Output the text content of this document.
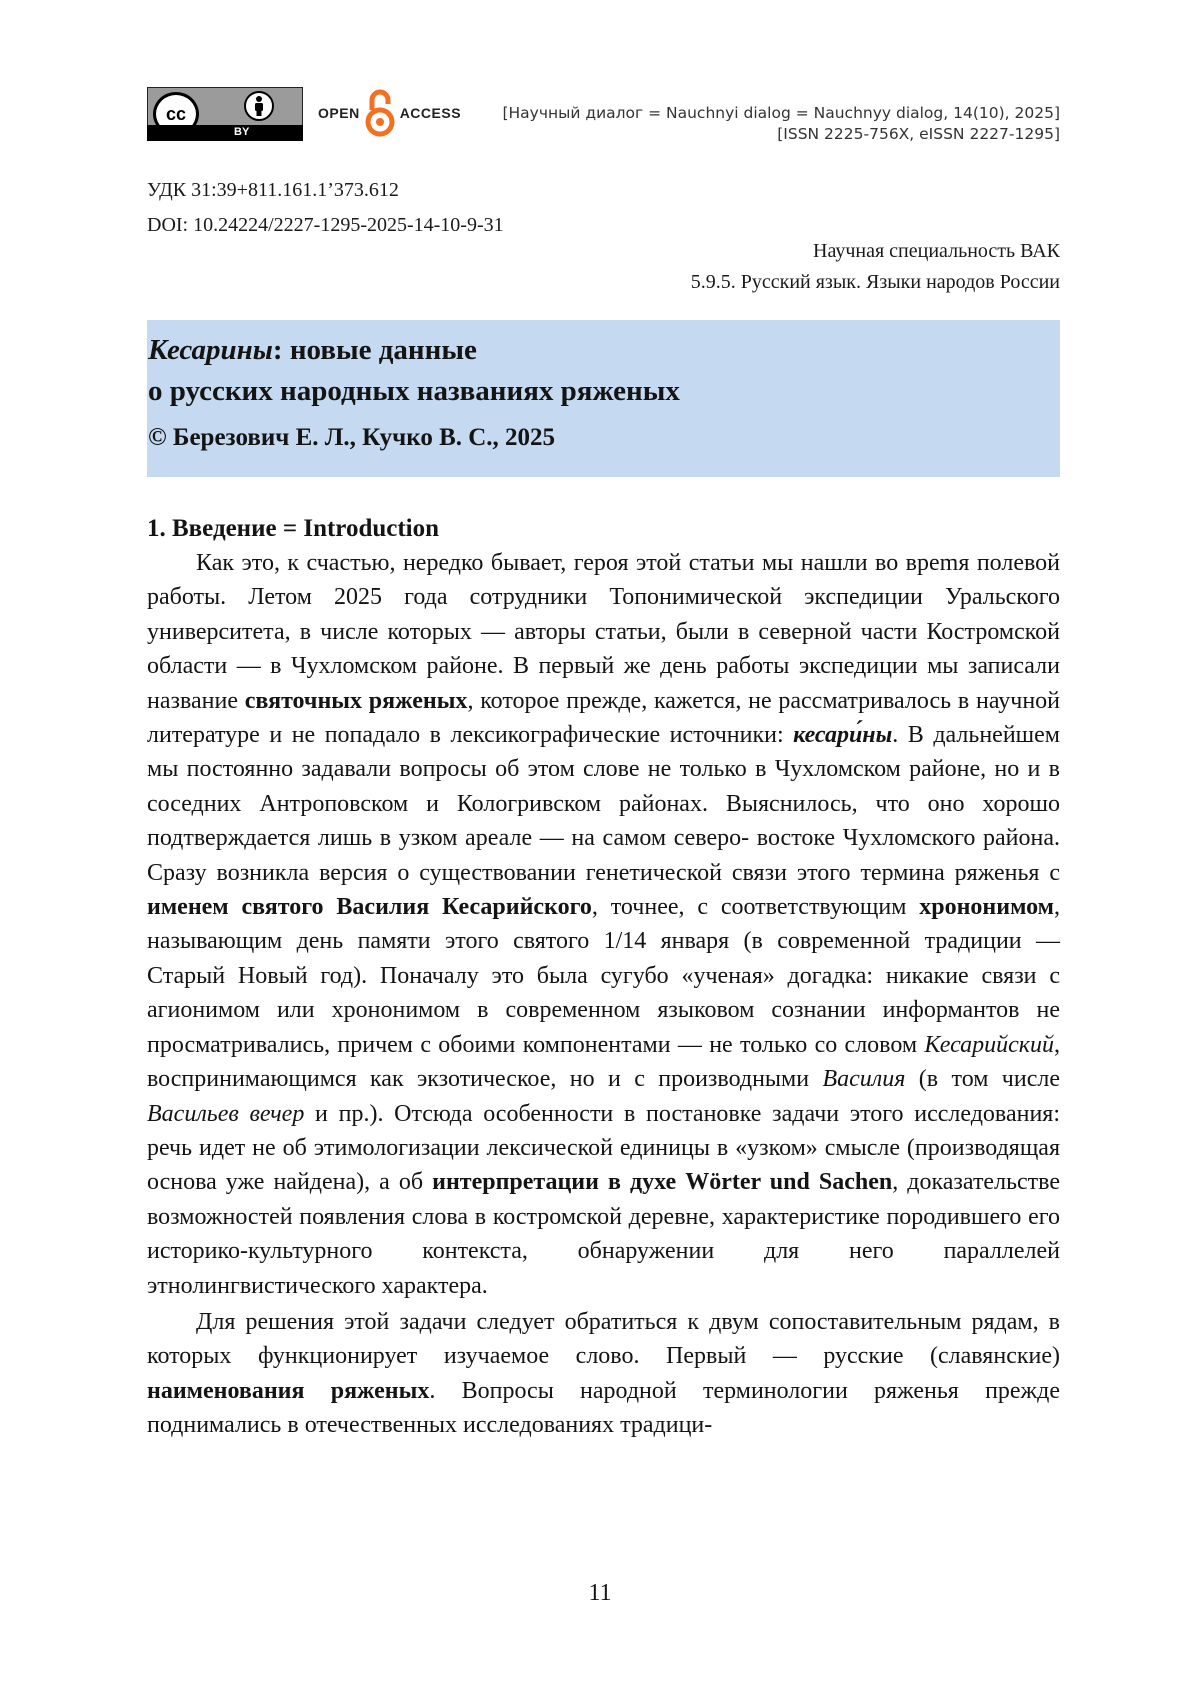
cc
BY
OPEN	ACCESS	[Научный диалог = Nauchnyi dialog = Nauchnyy dialog, 14(10), 2025]
[ISSN 2225-756X, eISSN 2227-1295]
УДК 31:39+811.161.1’373.612
DOI: 10.24224/2227-1295-2025-14-10-9-31
Научная специальность ВАК
5.9.5. Русский язык. Языки народов России
Кесарины: новые данные
о русских народных названиях ряженых
© Березович Е. Л., Кучко В. С., 2025
1. Введение = Introduction

Как это, к счастью, нередко бывает, героя этой статьи мы нашли во вреmя полевой работы. Летом 2025 года сотрудники Топонимической экспедиции Уральского университета, в числе которых — авторы статьи, были в северной части Костромской области — в Чухломском районе. В первый же день работы экспедиции мы записали название святочных ряженых, которое прежде, кажется, не рассматривалось в научной литературе и не попадало в лексикографические источники: кесари́ны. В дальнейшем мы постоянно задавали вопросы об этом слове не только в Чухломском районе, но и в соседних Антроповском и Кологривском районах. Выяснилось, что оно хорошо подтверждается лишь в узком ареале — на самом северо- востоке Чухломского района. Сразу возникла версия о существовании генетической связи этого термина ряженья с именем святого Василия Кесарийского, точнее, с соответствующим хрононимом, называющим день памяти этого святого 1/14 января (в современной традиции — Старый Новый год). Поначалу это была сугубо «ученая» догадка: никакие связи с агионимом или хрононимом в современном языковом сознании информантов не просматривались, причем с обоими компонентами — не только со словом Кесарийский, воспринимающимся как экзотическое, но и с производными Василия (в том числе Васильев вечер и пр.). Отсюда особенности в постановке задачи этого исследования: речь идет не об этимологизации лексической единицы в «узком» смысле (производящая основа уже найдена), а об интерпретации в духе Wörter und Sachen, доказательстве возможностей появления слова в костромской деревне, характеристике породившего его историко-культурного контекста, обнаружении для него параллелей этнолингвистического характера.

Для решения этой задачи следует обратиться к двум сопоставительным рядам, в которых функционирует изучаемое слово. Первый — русские (славянские) наименования ряженых. Вопросы народной терминологии ряженья прежде поднимались в отечественных исследованиях традици-

11
